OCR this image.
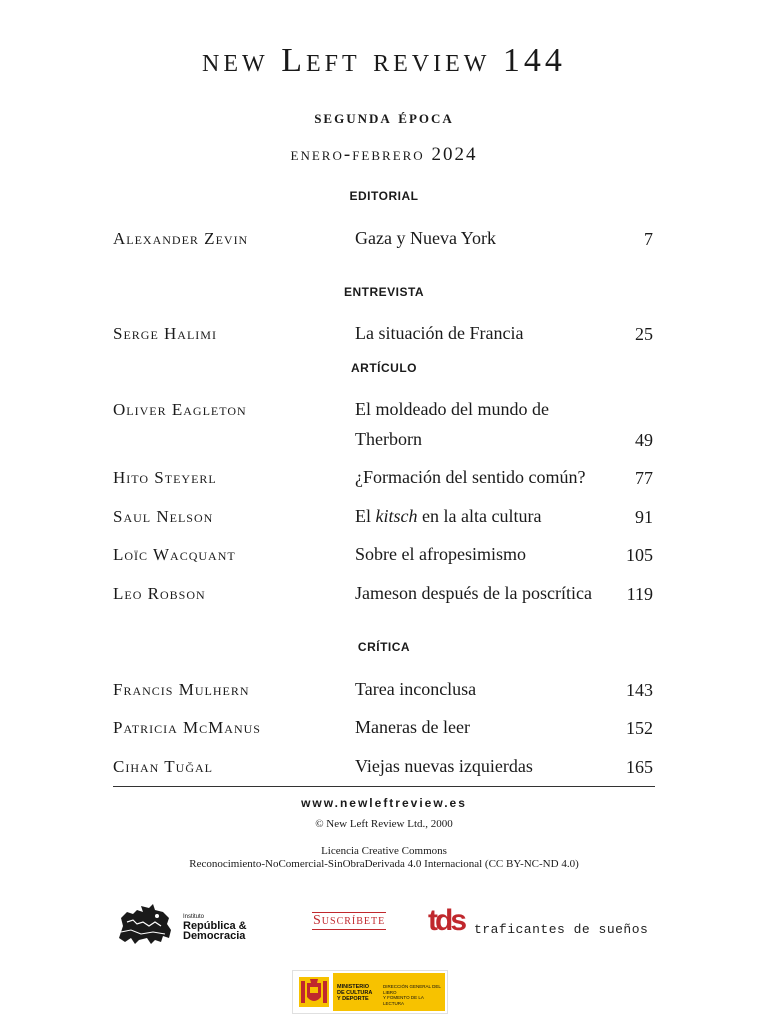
new Left review 144
segunda época
enero-febrero 2024
EDITORIAL
Alexander Zevin	Gaza y Nueva York	7
ENTREVISTA
Serge Halimi	La situación de Francia	25
ARTÍCULO
Oliver Eagleton	El moldeado del mundo de Therborn	49
Hito Steyerl	¿Formación del sentido común?	77
Saul Nelson	El kitsch en la alta cultura	91
Loïc Wacquant	Sobre el afropesimismo	105
Leo Robson	Jameson después de la poscrítica	119
CRÍTICA
Francis Mulhern	Tarea inconclusa	143
Patricia McManus	Maneras de leer	152
Cihan Tuğal	Viejas nuevas izquierdas	165
www.newleftreview.es
© New Left Review Ltd., 2000
Licencia Creative Commons
Reconocimiento-NoComercial-SinObraDerivada 4.0 Internacional (CC BY-NC-ND 4.0)
Instituto
República &
Democracia
Suscríbete tds traficantes de sueños
MINISTERIO
DE CULTURA
Y DEPORTE
DIRECCIÓN GENERAL DEL LIBRO
Y FOMENTO DE LA LECTURA
